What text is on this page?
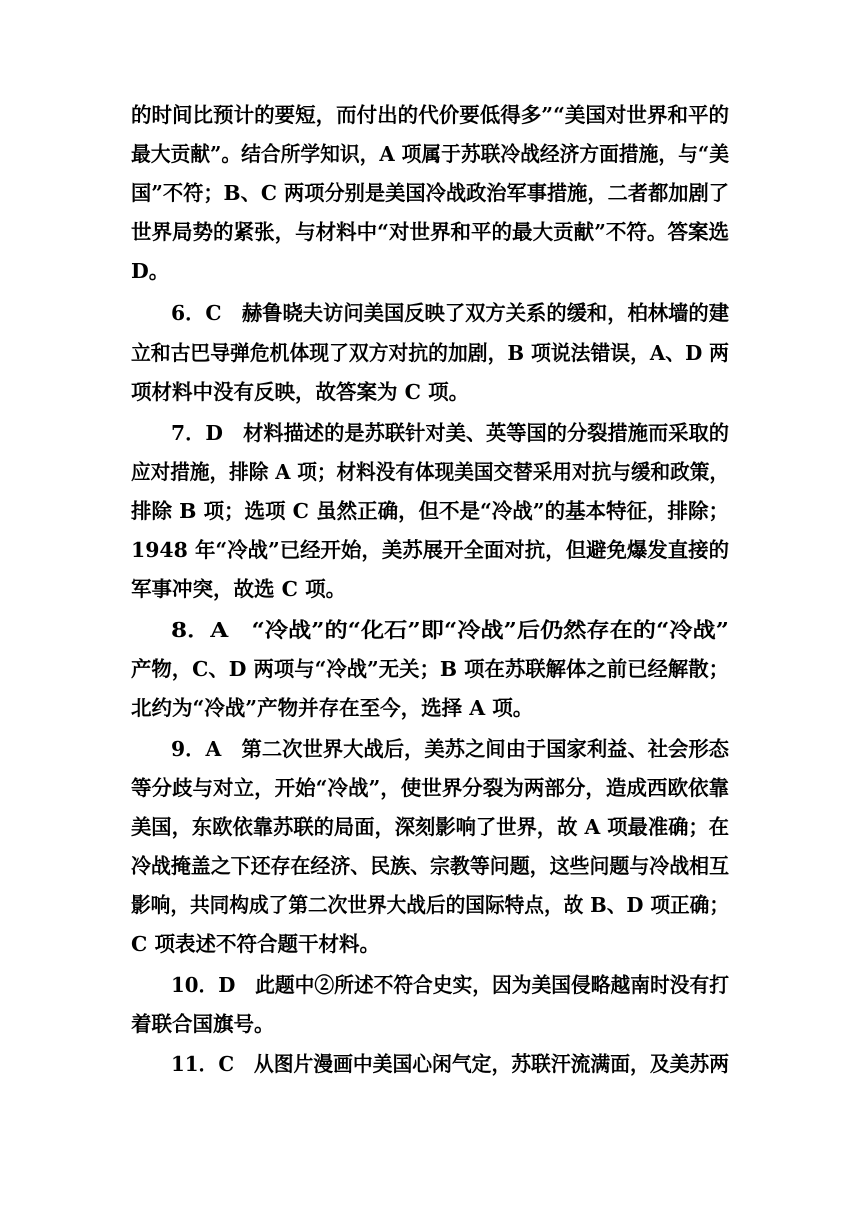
的时间比预计的要短，而付出的代价要低得多”“美国对世界和平的

最大贡献”。结合所学知识，A 项属于苏联冷战经济方面措施，与“美

国”不符；B、C 两项分别是美国冷战政治军事措施，二者都加剧了

世界局势的紧张，与材料中“对世界和平的最大贡献”不符。答案选

D。

6．C　赫鲁晓夫访问美国反映了双方关系的缓和，柏林墙的建

立和古巴导弹危机体现了双方对抗的加剧，B 项说法错误，A、D 两

项材料中没有反映，故答案为 C 项。

7．D　材料描述的是苏联针对美、英等国的分裂措施而采取的

应对措施，排除 A 项；材料没有体现美国交替采用对抗与缓和政策，

排除 B 项；选项 C 虽然正确，但不是“冷战”的基本特征，排除；

1948 年“冷战”已经开始，美苏展开全面对抗，但避免爆发直接的

军事冲突，故选 C 项。

8．A　“冷战”的“化石”即“冷战”后仍然存在的“冷战”

产物，C、D 两项与“冷战”无关；B 项在苏联解体之前已经解散；

北约为“冷战”产物并存在至今，选择 A 项。

9．A　第二次世界大战后，美苏之间由于国家利益、社会形态

等分歧与对立，开始“冷战”，使世界分裂为两部分，造成西欧依靠

美国，东欧依靠苏联的局面，深刻影响了世界，故 A 项最准确；在

冷战掩盖之下还存在经济、民族、宗教等问题，这些问题与冷战相互

影响，共同构成了第二次世界大战后的国际特点，故 B、D 项正确；

C 项表述不符合题干材料。

10．D　此题中②所述不符合史实，因为美国侵略越南时没有打

着联合国旗号。

11．C　从图片漫画中美国心闲气定，苏联汗流满面，及美苏两
